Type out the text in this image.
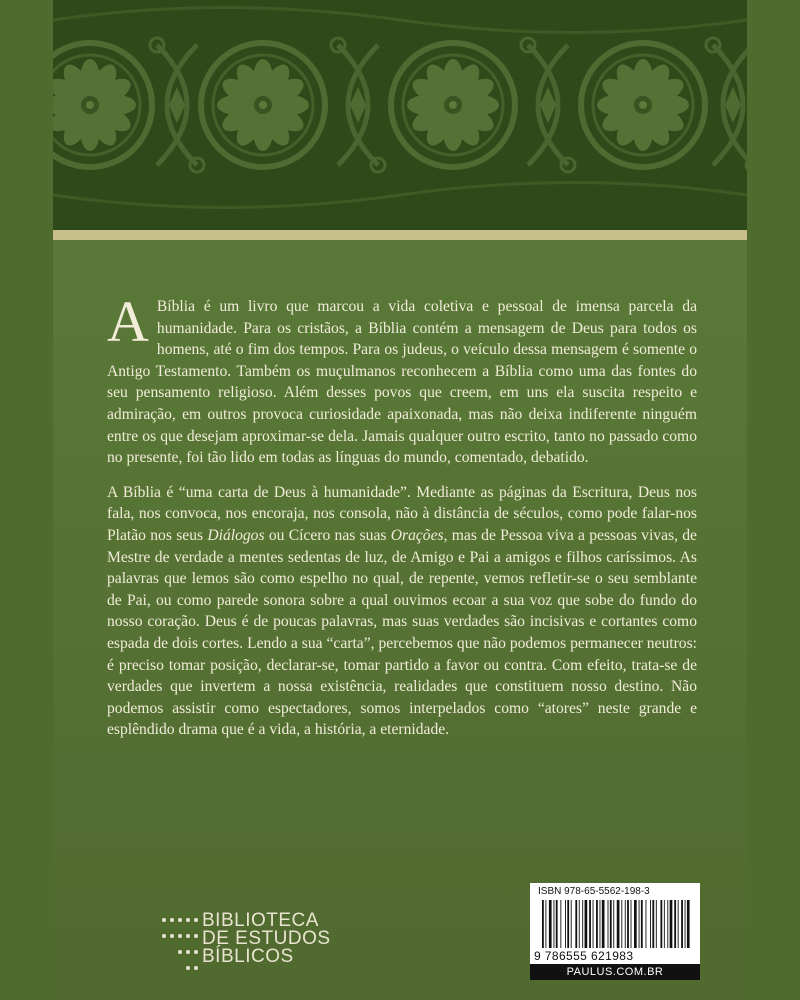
BIBLIOTECA
DE ESTUDOS
BÍBLICOS
ISBN 978-65-5562-198-3
9 786555 621983
PAULUS.COM.BR

A Bíblia é um livro que marcou a vida coletiva e pessoal de imensa parcela da humanidade. Para os cristãos, a Bíblia contém a mensagem de Deus para todos os homens, até o fim dos tempos. Para os judeus, o veículo dessa mensagem é somente o Antigo Testamento. Também os muçulmanos reconhecem a Bíblia como uma das fontes do seu pensamento religioso. Além desses povos que creem, em uns ela suscita respeito e admiração, em outros provoca curiosidade apaixonada, mas não deixa indiferente ninguém entre os que desejam aproximar-se dela. Jamais qualquer outro escrito, tanto no passado como no presente, foi tão lido em todas as línguas do mundo, comentado, debatido.

A Bíblia é “uma carta de Deus à humanidade”. Mediante as páginas da Escritura, Deus nos fala, nos convoca, nos encoraja, nos consola, não à distância de séculos, como pode falar-nos Platão nos seus Diálogos ou Cícero nas suas Orações, mas de Pessoa viva a pessoas vivas, de Mestre de verdade a mentes sedentas de luz, de Amigo e Pai a amigos e filhos caríssimos. As palavras que lemos são como espelho no qual, de repente, vemos refletir-se o seu semblante de Pai, ou como parede sonora sobre a qual ouvimos ecoar a sua voz que sobe do fundo do nosso coração. Deus é de poucas palavras, mas suas verdades são incisivas e cortantes como espada de dois cortes. Lendo a sua “carta”, percebemos que não podemos permanecer neutros: é preciso tomar posição, declarar-se, tomar partido a favor ou contra. Com efeito, trata-se de verdades que invertem a nossa existência, realidades que constituem nosso destino. Não podemos assistir como espectadores, somos interpelados como “atores” neste grande e esplêndido drama que é a vida, a história, a eternidade.
